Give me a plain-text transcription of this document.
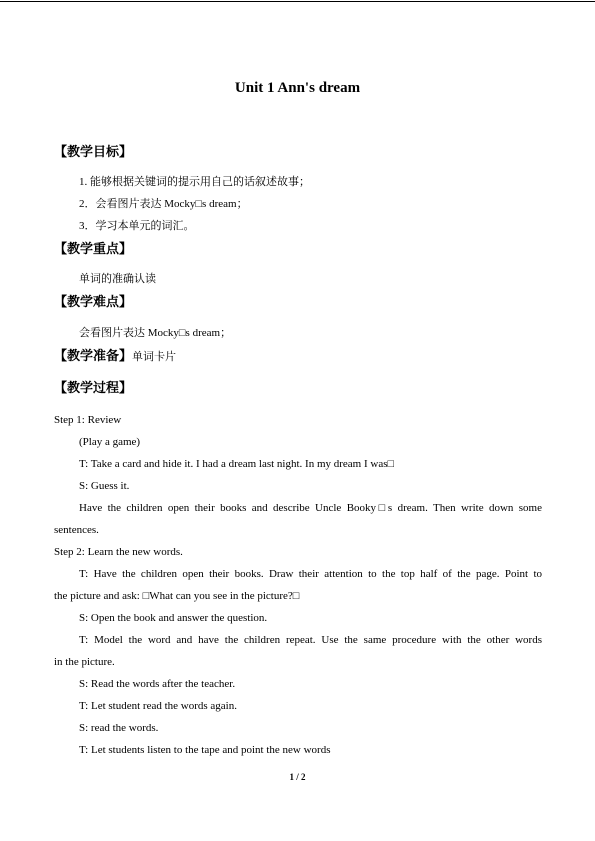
Unit 1 Ann's dream
【教学目标】
1. 能够根据关键词的提示用自己的话叙述故事；
2．会看图片表达 Mocky□s dream；
3．学习本单元的词汇。
【教学重点】
单词的准确认读
【教学难点】
会看图片表达 Mocky□s dream；
【教学准备】单词卡片
【教学过程】
Step 1: Review
(Play a game)
T: Take a card and hide it. I had a dream last night. In my dream I was□
S: Guess it.
Have the children open their books and describe Uncle Booky□s dream. Then write down some
sentences.
Step 2: Learn the new words.
T: Have the children open their books. Draw their attention to the top half of the page. Point to
the picture and ask: □What can you see in the picture?□
S: Open the book and answer the question.
T: Model the word and have the children repeat. Use the same procedure with the other words
in the picture.
S: Read the words after the teacher.
T: Let student read the words again.
S: read the words.
T: Let students listen to the tape and point the new words
1 / 2
